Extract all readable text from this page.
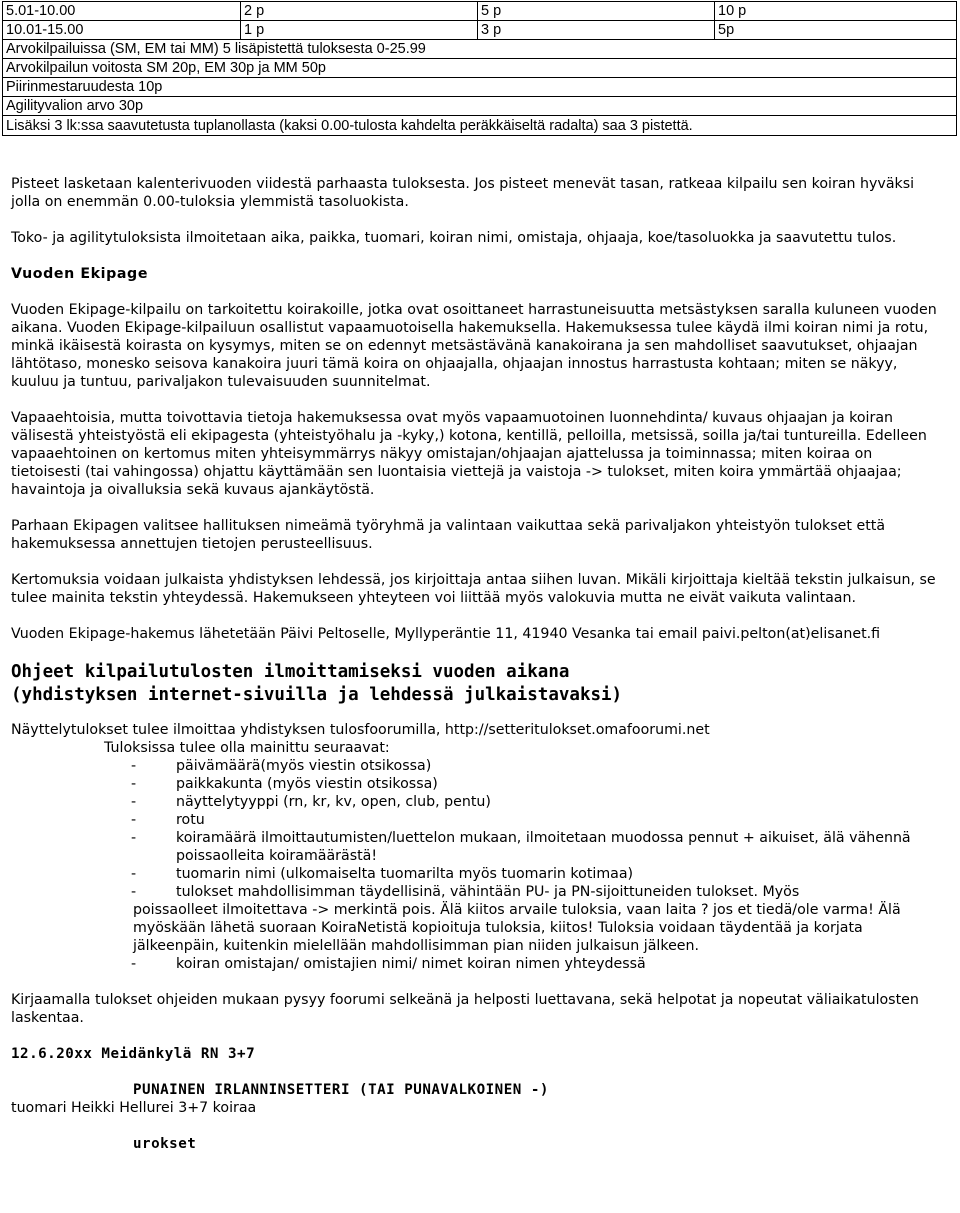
5.01-10.00	2 p	5 p	10 p
10.01-15.00	1 p	3 p	5p
Arvokilpailuissa (SM, EM tai MM) 5 lisäpistettä tuloksesta 0-25.99			
Arvokilpailun voitosta SM 20p, EM 30p ja MM 50p			
Piirinmestaruudesta 10p			
Agilityvalion arvo 30p			
Lisäksi 3 lk:ssa saavutetusta tuplanollasta (kaksi 0.00-tulosta kahdelta peräkkäiseltä radalta) saa 3 pistettä.			

Pisteet lasketaan kalenterivuoden viidestä parhaasta tuloksesta. Jos pisteet menevät tasan, ratkeaa kilpailu sen koiran hyväksi jolla on enemmän 0.00-tuloksia ylemmistä tasoluokista.

Toko- ja agilitytuloksista ilmoitetaan aika, paikka, tuomari, koiran nimi, omistaja, ohjaaja, koe/tasoluokka ja saavutettu tulos.

Vuoden Ekipage

Vuoden Ekipage-kilpailu on tarkoitettu koirakoille, jotka ovat osoittaneet harrastuneisuutta metsästyksen saralla kuluneen vuoden aikana. Vuoden Ekipage-kilpailuun osallistut vapaamuotoisella hakemuksella. Hakemuksessa tulee käydä ilmi koiran nimi ja rotu, minkä ikäisestä koirasta on kysymys, miten se on edennyt metsästävänä kanakoirana ja sen mahdolliset saavutukset, ohjaajan lähtötaso, monesko seisova kanakoira juuri tämä koira on ohjaajalla, ohjaajan innostus harrastusta kohtaan; miten se näkyy, kuuluu ja tuntuu, parivaljakon tulevaisuuden suunnitelmat.

Vapaaehtoisia, mutta toivottavia tietoja hakemuksessa ovat myös vapaamuotoinen luonnehdinta/ kuvaus ohjaajan ja koiran välisestä yhteistyöstä eli ekipagesta (yhteistyöhalu ja -kyky,) kotona, kentillä, pelloilla, metsissä, soilla ja/tai tuntureilla. Edelleen vapaaehtoinen on kertomus miten yhteisymmärrys näkyy omistajan/ohjaajan ajattelussa ja toiminnassa; miten koiraa on tietoisesti (tai vahingossa) ohjattu käyttämään sen luontaisia viettejä ja vaistoja -> tulokset, miten koira ymmärtää ohjaajaa; havaintoja ja oivalluksia sekä kuvaus ajankäytöstä.

Parhaan Ekipagen valitsee hallituksen nimeämä työryhmä ja valintaan vaikuttaa sekä parivaljakon yhteistyön tulokset että hakemuksessa annettujen tietojen perusteellisuus.

Kertomuksia voidaan julkaista yhdistyksen lehdessä, jos kirjoittaja antaa siihen luvan. Mikäli kirjoittaja kieltää tekstin julkaisun, se tulee mainita tekstin yhteydessä. Hakemukseen yhteyteen voi liittää myös valokuvia mutta ne eivät vaikuta valintaan.

Vuoden Ekipage-hakemus lähetetään Päivi Peltoselle, Myllyperäntie 11, 41940 Vesanka tai email paivi.pelton(at)elisanet.fi

Ohjeet kilpailutulosten ilmoittamiseksi vuoden aikana
(yhdistyksen internet-sivuilla ja lehdessä julkaistavaksi)
Näyttelytulokset tulee ilmoittaa yhdistyksen tulosfoorumilla, http://setteritulokset.omafoorumi.net
Tuloksissa tulee olla mainittu seuraavat:
- päivämäärä(myös viestin otsikossa)
- paikkakunta (myös viestin otsikossa)
- näyttelytyyppi (rn, kr, kv, open, club, pentu)
- rotu
- koiramäärä ilmoittautumisten/luettelon mukaan, ilmoitetaan muodossa pennut + aikuiset, älä vähennä poissaolleita koiramäärästä!
- tuomarin nimi (ulkomaiselta tuomarilta myös tuomarin kotimaa)
- tulokset mahdollisimman täydellisinä, vähintään PU- ja PN-sijoittuneiden tulokset. Myös
poissaolleet ilmoitettava -> merkintä pois. Älä kiitos arvaile tuloksia, vaan laita ? jos et tiedä/ole varma! Älä myöskään lähetä suoraan KoiraNetistä kopioituja tuloksia, kiitos! Tuloksia voidaan täydentää ja korjata jälkeenpäin, kuitenkin mielellään mahdollisimman pian niiden julkaisun jälkeen.
- koiran omistajan/ omistajien nimi/ nimet koiran nimen yhteydessä

Kirjaamalla tulokset ohjeiden mukaan pysyy foorumi selkeänä ja helposti luettavana, sekä helpotat ja nopeutat väliaikatulosten laskentaa.

12.6.20xx Meidänkylä RN 3+7

PUNAINEN IRLANNINSETTERI (TAI PUNAVALKOINEN -)

tuomari Heikki Hellurei 3+7 koiraa

urokset
